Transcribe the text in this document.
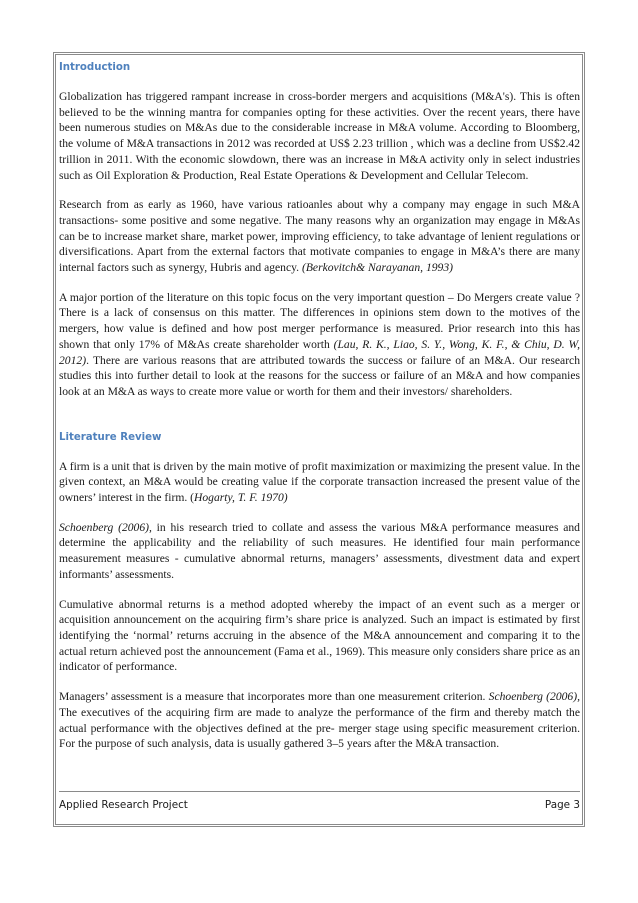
Introduction
Globalization has triggered rampant increase in cross-border mergers and acquisitions (M&A's). This is often believed to be the winning mantra for companies opting for these activities. Over the recent years, there have been numerous studies on M&As due to the considerable increase in M&A volume. According to Bloomberg, the volume of M&A transactions in 2012 was recorded at US$ 2.23 trillion , which was a decline from US$2.42 trillion in 2011. With the economic slowdown, there was an increase in M&A activity only in select industries such as Oil Exploration & Production, Real Estate Operations & Development and Cellular Telecom.
Research from as early as 1960, have various ratioanles about why a company may engage in such M&A transactions- some positive and some negative. The many reasons why an organization may engage in M&As can be to increase market share, market power, improving efficiency, to take advantage of lenient regulations or diversifications. Apart from the external factors that motivate companies to engage in M&A’s there are many internal factors such as synergy, Hubris and agency. (Berkovitch& Narayanan, 1993)
A major portion of the literature on this topic focus on the very important question – Do Mergers create value ? There is a lack of consensus on this matter. The differences in opinions stem down to the motives of the mergers, how value is defined and how post merger performance is measured. Prior research into this has shown that only 17% of M&As create shareholder worth (Lau, R. K., Liao, S. Y., Wong, K. F., & Chiu, D. W, 2012). There are various reasons that are attributed towards the success or failure of an M&A. Our research studies this into further detail to look at the reasons for the success or failure of an M&A and how companies look at an M&A as ways to create more value or worth for them and their investors/ shareholders.
Literature Review
A firm is a unit that is driven by the main motive of profit maximization or maximizing the present value. In the given context, an M&A would be creating value if the corporate transaction increased the present value of the owners’ interest in the firm. (Hogarty, T. F. 1970)
Schoenberg (2006), in his research tried to collate and assess the various M&A performance measures and determine the applicability and the reliability of such measures. He identified four main performance measurement measures - cumulative abnormal returns, managers’ assessments, divestment data and expert informants’ assessments.
Cumulative abnormal returns is a method adopted whereby the impact of an event such as a merger or acquisition announcement on the acquiring firm’s share price is analyzed. Such an impact is estimated by first identifying the ‘normal’ returns accruing in the absence of the M&A announcement and comparing it to the actual return achieved post the announcement (Fama et al., 1969). This measure only considers share price as an indicator of performance.
Managers’ assessment is a measure that incorporates more than one measurement criterion. Schoenberg (2006), The executives of the acquiring firm are made to analyze the performance of the firm and thereby match the actual performance with the objectives defined at the pre- merger stage using specific measurement criterion. For the purpose of such analysis, data is usually gathered 3–5 years after the M&A transaction.
Applied Research Project	Page 3
